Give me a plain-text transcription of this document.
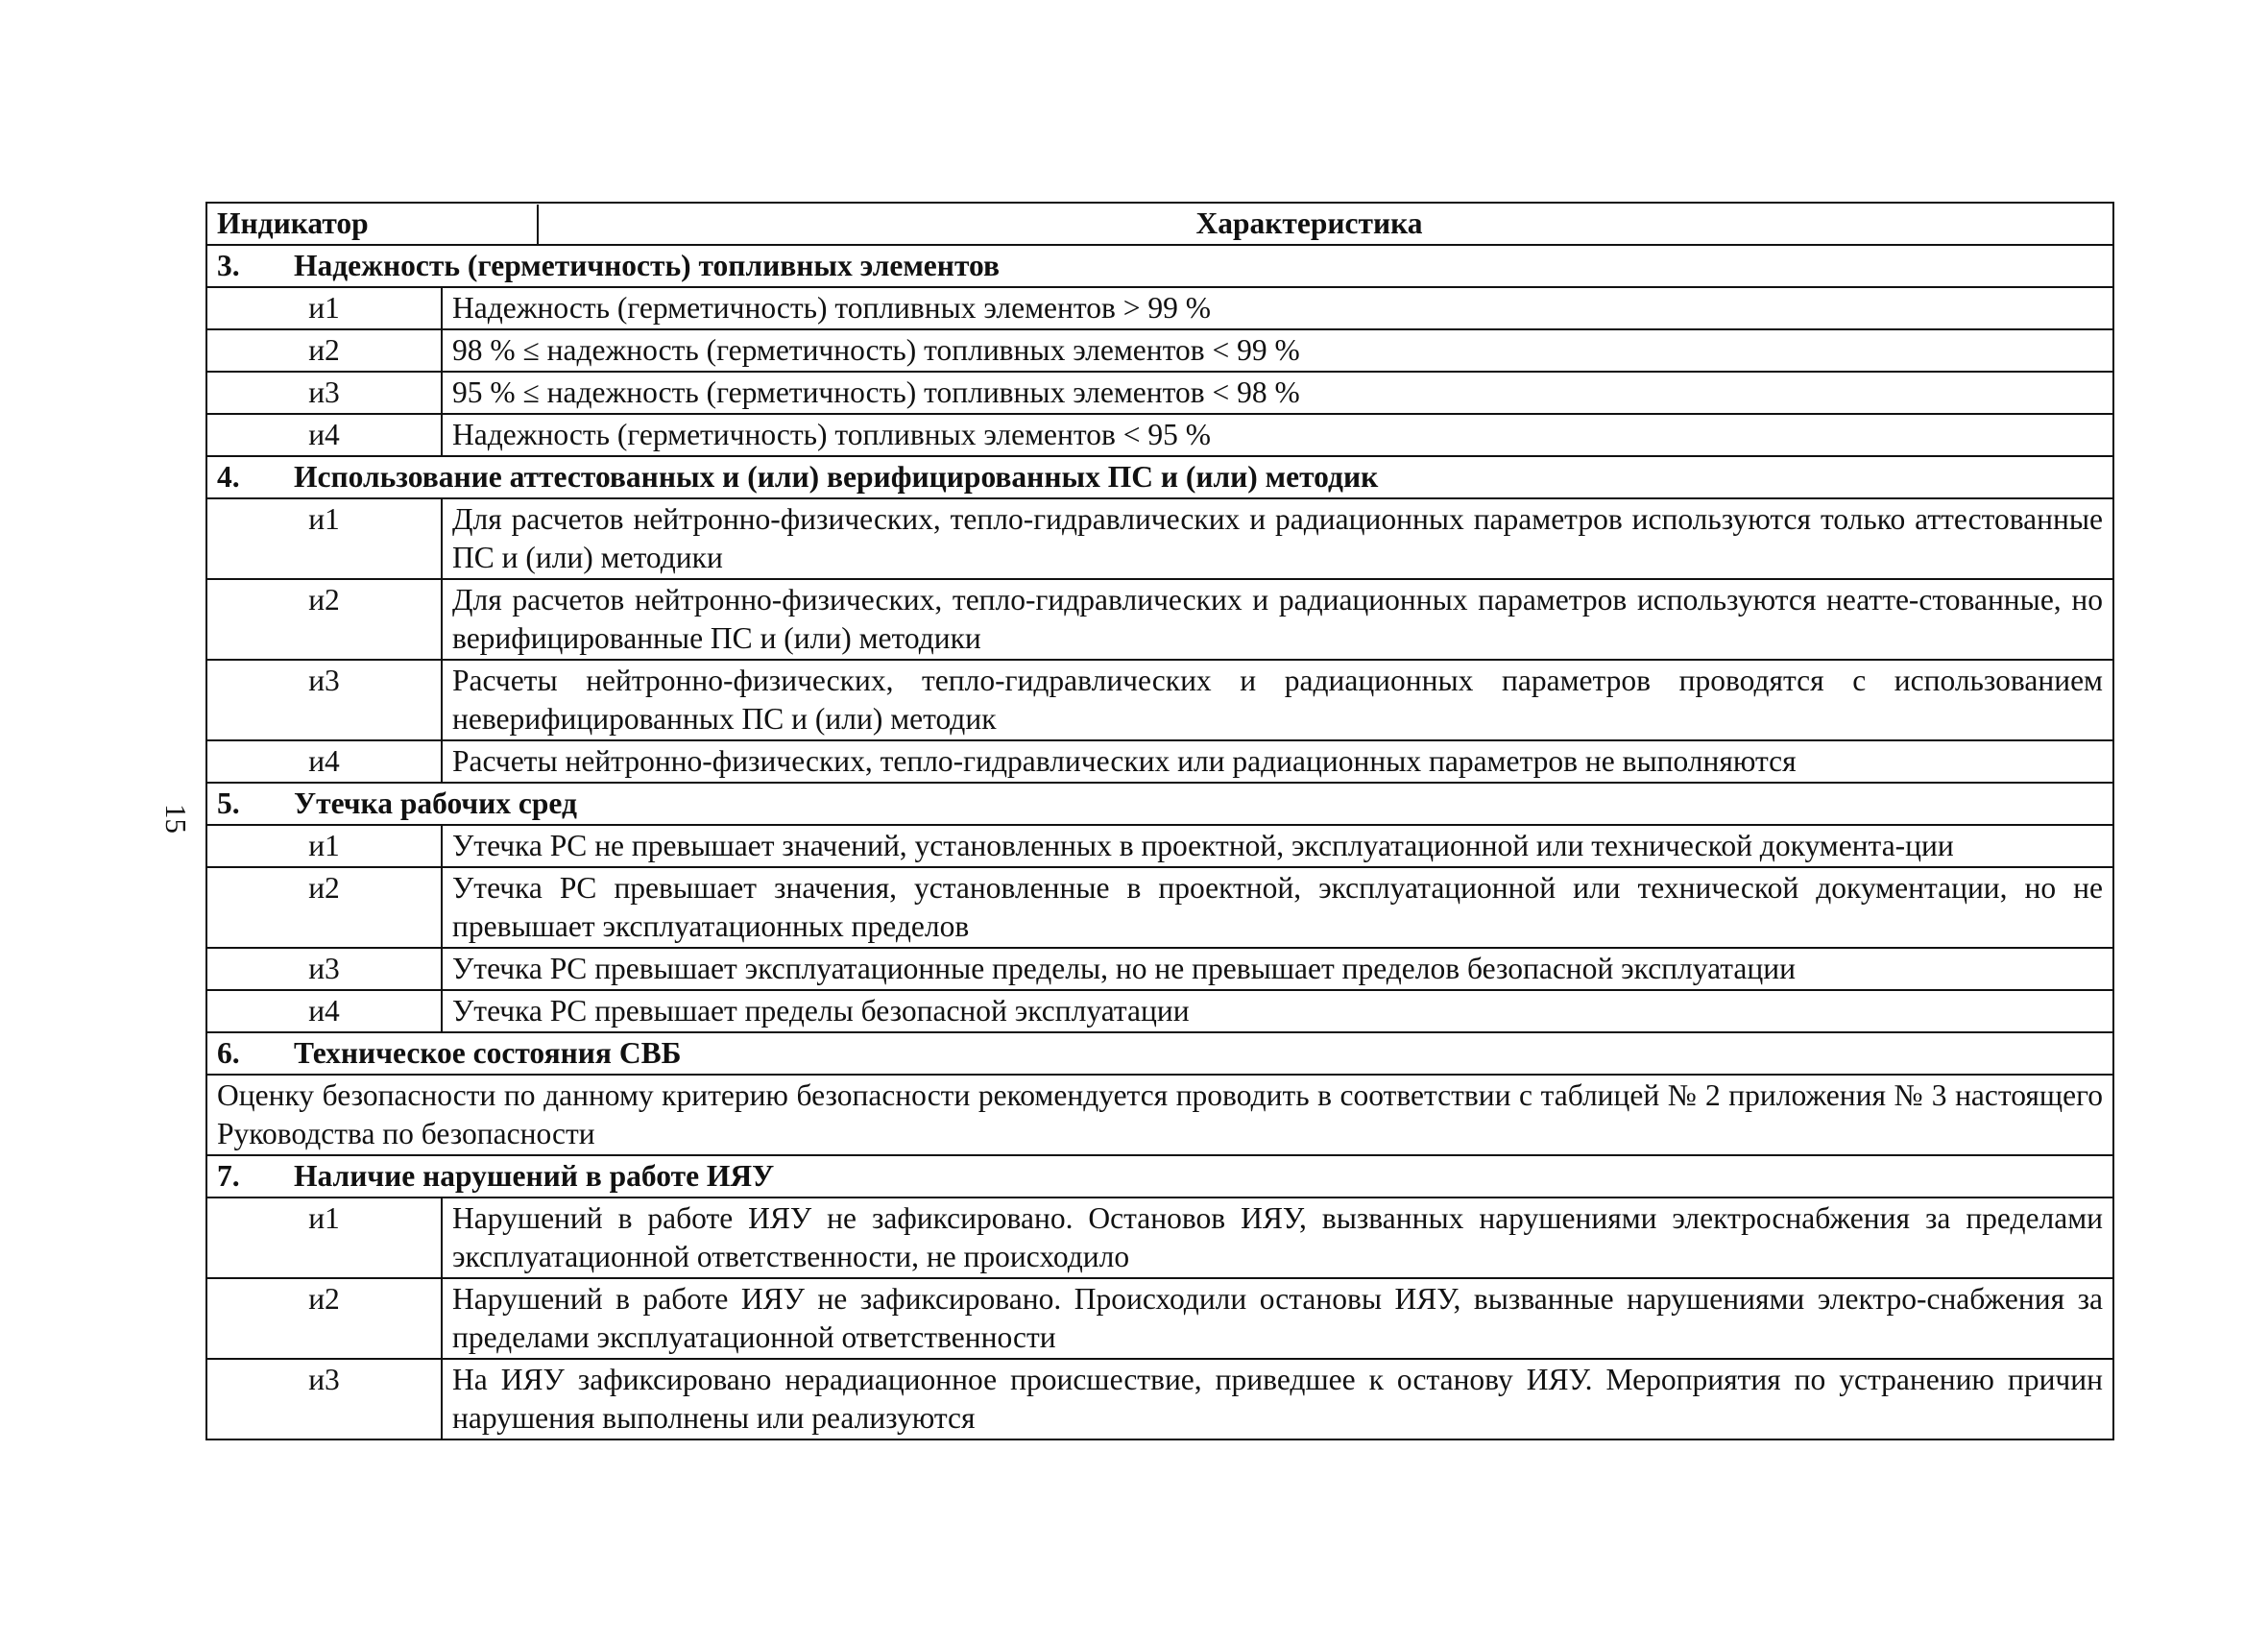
15
Индикатор Характеристика	
3. Надежность (герметичность) топливных элементов	
и1	Надежность (герметичность) топливных элементов > 99 %
и2	98 % ≤ надежность (герметичность) топливных элементов < 99 %
и3	95 % ≤ надежность (герметичность) топливных элементов < 98 %
и4	Надежность (герметичность) топливных элементов < 95 %
4. Использование аттестованных и (или) верифицированных ПС и (или) методик	
и1	Для расчетов нейтронно-физических, тепло-гидравлических и радиационных параметров используются только аттестованные ПС и (или) методики
и2	Для расчетов нейтронно-физических, тепло-гидравлических и радиационных параметров используются неатте-стованные, но верифицированные ПС и (или) методики
и3	Расчеты нейтронно-физических, тепло-гидравлических и радиационных параметров проводятся с использованием неверифицированных ПС и (или) методик
и4	Расчеты нейтронно-физических, тепло-гидравлических или радиационных параметров не выполняются
5. Утечка рабочих сред	
и1	Утечка PC не превышает значений, установленных в проектной, эксплуатационной или технической документа-ции
и2	Утечка PC превышает значения, установленные в проектной, эксплуатационной или технической документации, но не превышает эксплуатационных пределов
и3	Утечка PC превышает эксплуатационные пределы, но не превышает пределов безопасной эксплуатации
и4	Утечка PC превышает пределы безопасной эксплуатации
6. Техническое состояния СВБ	
Оценку безопасности по данному критерию безопасности рекомендуется проводить в соответствии с таблицей № 2 приложения № 3 настоящего Руководства по безопасности	
7. Наличие нарушений в работе ИЯУ	
и1	Нарушений в работе ИЯУ не зафиксировано. Остановов ИЯУ, вызванных нарушениями электроснабжения за пределами эксплуатационной ответственности, не происходило
и2	Нарушений в работе ИЯУ не зафиксировано. Происходили остановы ИЯУ, вызванные нарушениями электро-снабжения за пределами эксплуатационной ответственности
и3	На ИЯУ зафиксировано нерадиационное происшествие, приведшее к останову ИЯУ. Мероприятия по устранению причин нарушения выполнены или реализуются
